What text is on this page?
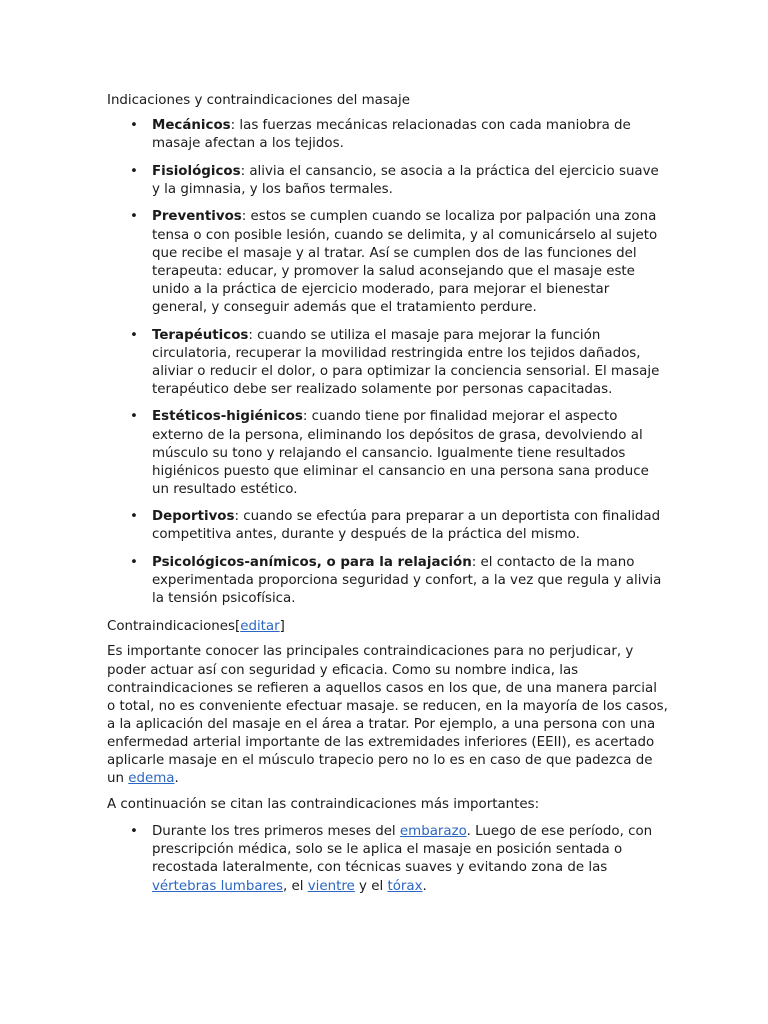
Indicaciones y contraindicaciones del masaje
• Mecánicos: las fuerzas mecánicas relacionadas con cada maniobra de masaje afectan a los tejidos.
• Fisiológicos: alivia el cansancio, se asocia a la práctica del ejercicio suave y la gimnasia, y los baños termales.
• Preventivos: estos se cumplen cuando se localiza por palpación una zona tensa o con posible lesión, cuando se delimita, y al comunicárselo al sujeto que recibe el masaje y al tratar. Así se cumplen dos de las funciones del terapeuta: educar, y promover la salud aconsejando que el masaje este unido a la práctica de ejercicio moderado, para mejorar el bienestar general, y conseguir además que el tratamiento perdure.
• Terapéuticos: cuando se utiliza el masaje para mejorar la función circulatoria, recuperar la movilidad restringida entre los tejidos dañados, aliviar o reducir el dolor, o para optimizar la conciencia sensorial. El masaje terapéutico debe ser realizado solamente por personas capacitadas.
• Estéticos-higiénicos: cuando tiene por finalidad mejorar el aspecto externo de la persona, eliminando los depósitos de grasa, devolviendo al músculo su tono y relajando el cansancio. Igualmente tiene resultados higiénicos puesto que eliminar el cansancio en una persona sana produce un resultado estético.
• Deportivos: cuando se efectúa para preparar a un deportista con finalidad competitiva antes, durante y después de la práctica del mismo.
• Psicológicos-anímicos, o para la relajación: el contacto de la mano experimentada proporciona seguridad y confort, a la vez que regula y alivia la tensión psicofísica.
Contraindicaciones[editar]

Es importante conocer las principales contraindicaciones para no perjudicar, y poder actuar así con seguridad y eficacia. Como su nombre indica, las contraindicaciones se refieren a aquellos casos en los que, de una manera parcial o total, no es conveniente efectuar masaje. se reducen, en la mayoría de los casos, a la aplicación del masaje en el área a tratar. Por ejemplo, a una persona con una enfermedad arterial importante de las extremidades inferiores (EEII), es acertado aplicarle masaje en el músculo trapecio pero no lo es en caso de que padezca de un edema.

A continuación se citan las contraindicaciones más importantes:

• Durante los tres primeros meses del embarazo. Luego de ese período, con prescripción médica, solo se le aplica el masaje en posición sentada o recostada lateralmente, con técnicas suaves y evitando zona de las vértebras lumbares, el vientre y el tórax.
